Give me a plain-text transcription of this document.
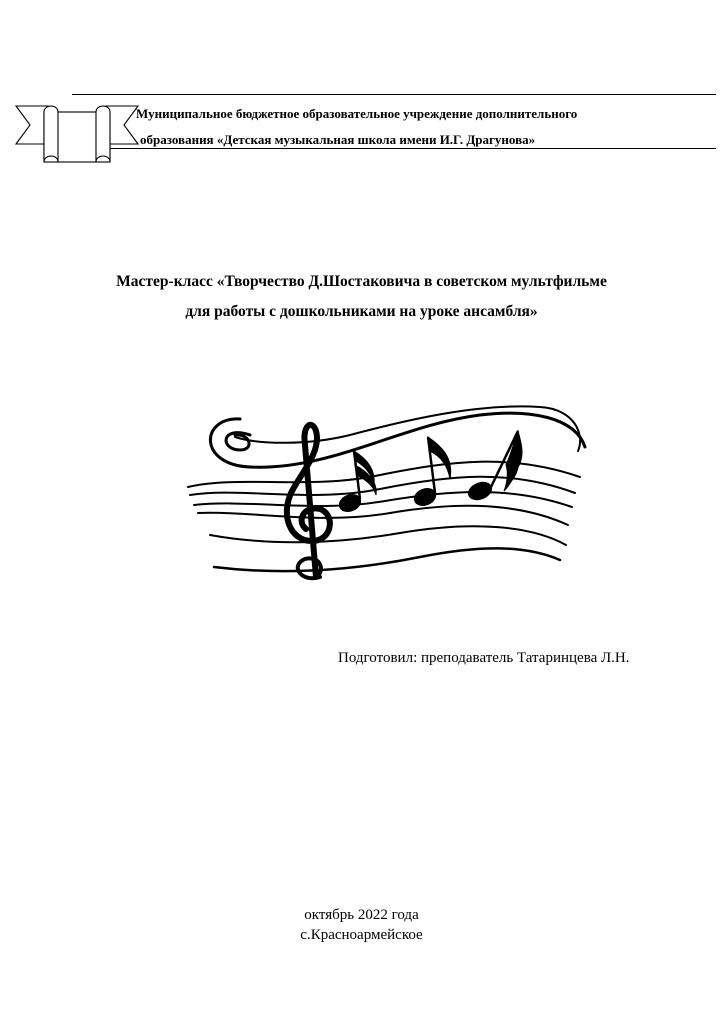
Муниципальное бюджетное образовательное учреждение дополнительного
образования «Детская музыкальная школа имени И.Г. Драгунова»
Мастер-класс «Творчество Д.Шостаковича в советском мультфильме
для работы с дошкольниками на уроке ансамбля»
Подготовил: преподаватель Татаринцева Л.Н.
октябрь 2022 года
с.Красноармейское
